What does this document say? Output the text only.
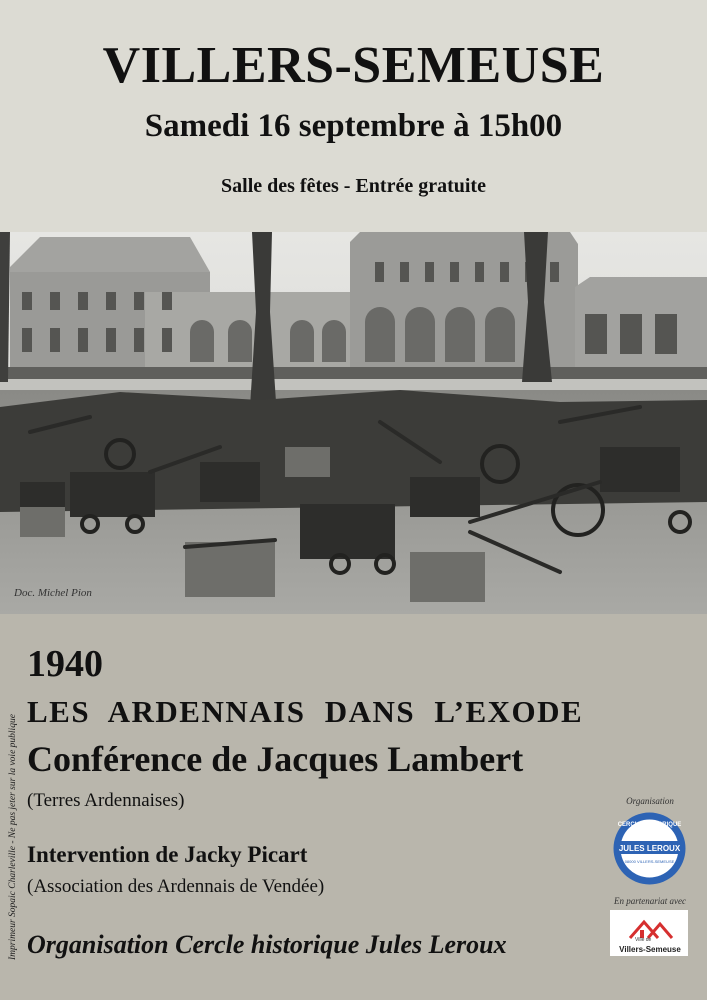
VILLERS-SEMEUSE
Samedi 16 septembre à 15h00
Salle des fêtes - Entrée gratuite
Doc. Michel Pion
1940
LES ARDENNAIS DANS L’EXODE
Conférence de Jacques Lambert
(Terres Ardennaises)
Intervention de Jacky Picart
(Association des Ardennais de Vendée)
Organisation Cercle historique Jules Leroux
Imprimeur Sopaic Charleville - Ne pas jeter sur la voie publique	Organisation
CERCLE HISTORIQUE
JULES LEROUX
08000 VILLERS-SEMEUSE
En partenariat avec
Ville de
Villers-Semeuse
